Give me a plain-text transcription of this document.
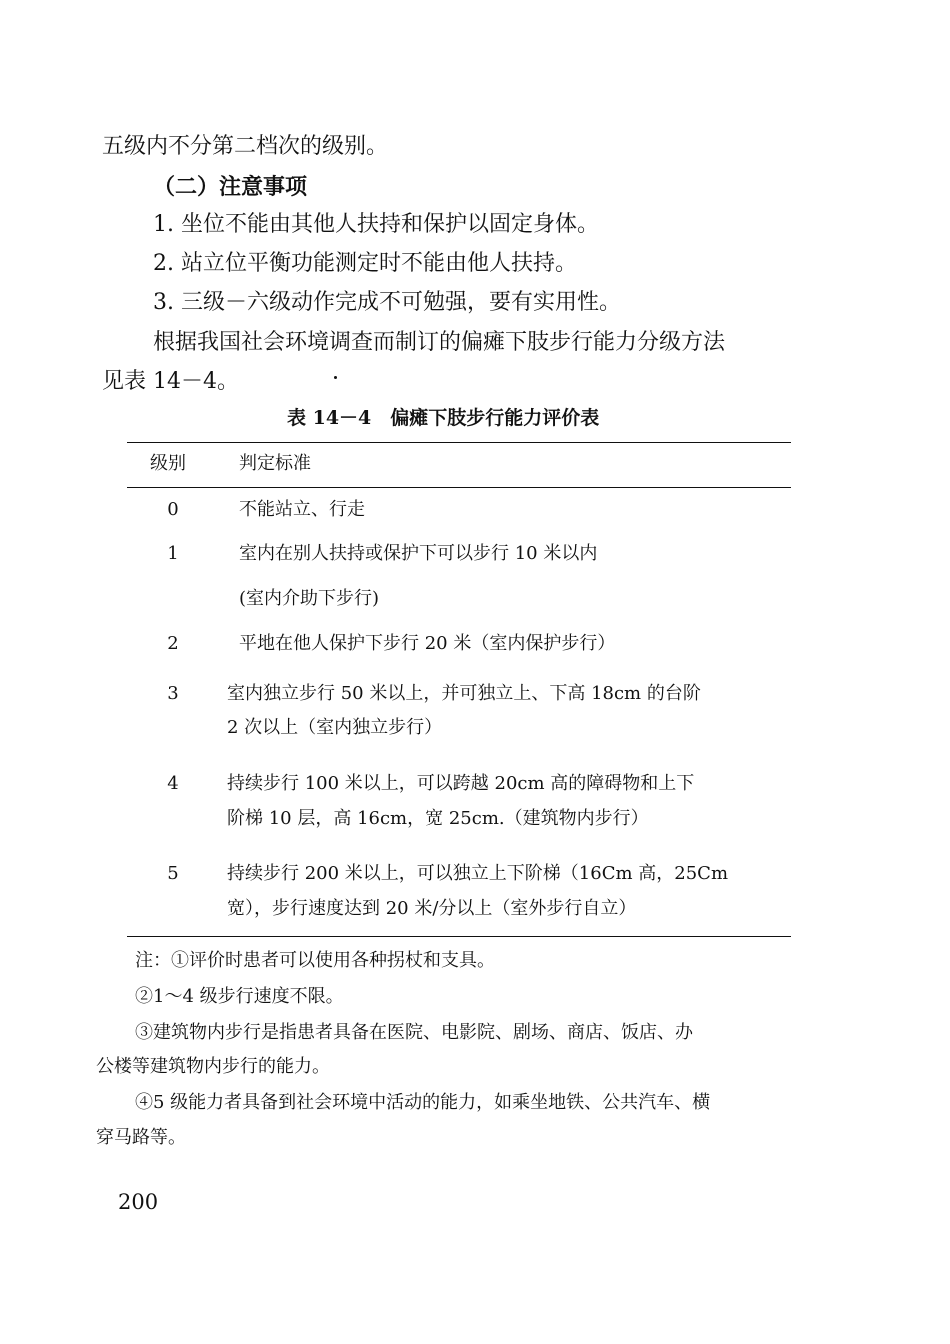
五级内不分第二档次的级别。
（二）注意事项
1. 坐位不能由其他人扶持和保护以固定身体。
2. 站立位平衡功能测定时不能由他人扶持。
3. 三级－六级动作完成不可勉强，要有实用性。
根据我国社会环境调查而制订的偏瘫下肢步行能力分级方法
见表 14－4。
表 14－4　偏瘫下肢步行能力评价表
级别	判定标准
0	不能站立、行走
1	室内在别人扶持或保护下可以步行 10 米以内
(室内介助下步行)
2	平地在他人保护下步行 20 米（室内保护步行）
3	室内独立步行 50 米以上，并可独立上、下高 18cm 的台阶
2 次以上（室内独立步行）
4	持续步行 100 米以上，可以跨越 20cm 高的障碍物和上下
阶梯 10 层，高 16cm，宽 25cm.（建筑物内步行）
5	持续步行 200 米以上，可以独立上下阶梯（16Cm 高，25Cm
宽），步行速度达到 20 米/分以上（室外步行自立）
注：①评价时患者可以使用各种拐杖和支具。
②1～4 级步行速度不限。
③建筑物内步行是指患者具备在医院、电影院、剧场、商店、饭店、办
公楼等建筑物内步行的能力。
④5 级能力者具备到社会环境中活动的能力，如乘坐地铁、公共汽车、横
穿马路等。
200
